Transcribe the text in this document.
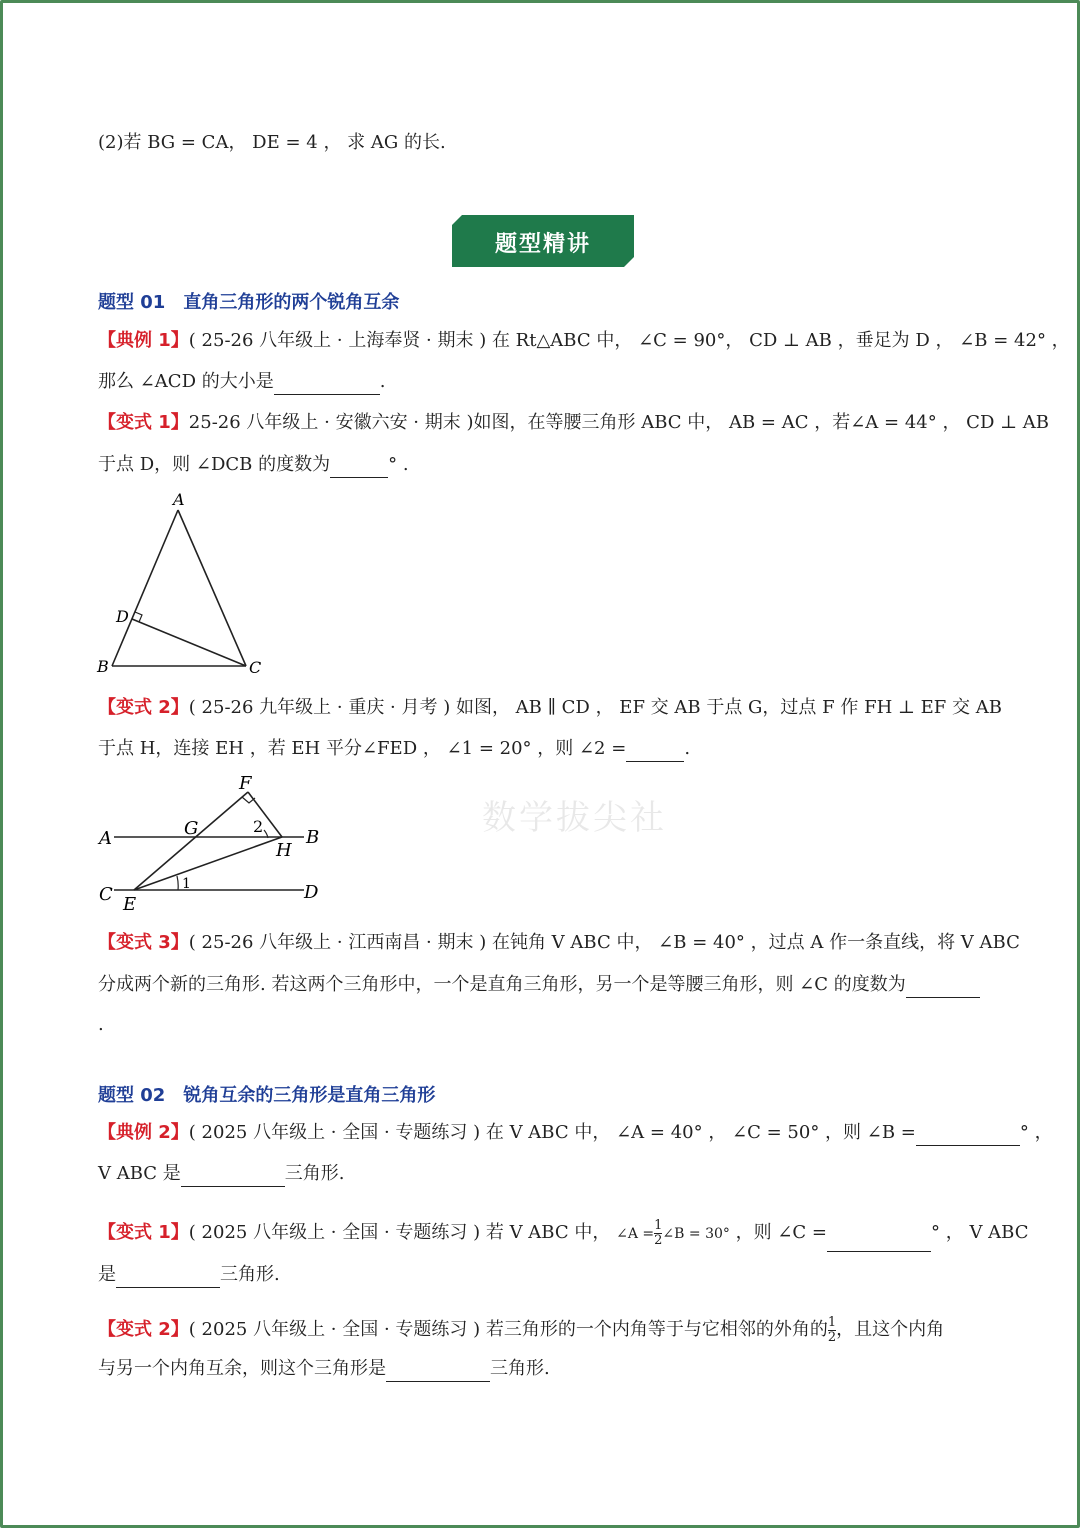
(2)若 BG = CA， DE = 4 ， 求 AG 的长.
题型精讲
题型 01 直角三角形的两个锐角互余
【典例 1】( 25-26 八年级上 · 上海奉贤 · 期末 ) 在 Rt△ABC 中， ∠C = 90°， CD ⊥ AB ，垂足为 D ， ∠B = 42° ，
那么 ∠ACD 的大小是	.
【变式 1】25-26 八年级上 · 安徽六安 · 期末 )如图，在等腰三角形 ABC 中， AB = AC ，若∠A = 44° ， CD ⊥ AB
于点 D，则 ∠DCB 的度数为	° .
A
B	C
D
【变式 2】( 25-26 九年级上 · 重庆 · 月考 ) 如图， AB ∥ CD ， EF 交 AB 于点 G，过点 F 作 FH ⊥ EF 交 AB
于点 H，连接 EH ，若 EH 平分∠FED ， ∠1 = 20° ，则 ∠2 =	.
数学拔尖社
A	B
C	D
E
F
G
H
1
2
【变式 3】( 25-26 八年级上 · 江西南昌 · 期末 ) 在钝角 V ABC 中， ∠B = 40° ，过点 A 作一条直线，将 V ABC
分成两个新的三角形. 若这两个三角形中，一个是直角三角形，另一个是等腰三角形，则 ∠C 的度数为
.
题型 02 锐角互余的三角形是直角三角形
【典例 2】( 2025 八年级上 · 全国 · 专题练习 ) 在 V ABC 中， ∠A = 40° ， ∠C = 50° ，则 ∠B =	° ，
V ABC 是	三角形.
【变式 1】( 2025 八年级上 · 全国 · 专题练习 ) 若 V ABC 中， ∠A = $\frac{1}{2}$ ∠B = 30° ，则 ∠C =	° ， V ABC
是	三角形.
【变式 2】( 2025 八年级上 · 全国 · 专题练习 ) 若三角形的一个内角等于与它相邻的外角的 $\frac{1}{2}$ ，且这个内角
与另一个内角互余，则这个三角形是	三角形.
